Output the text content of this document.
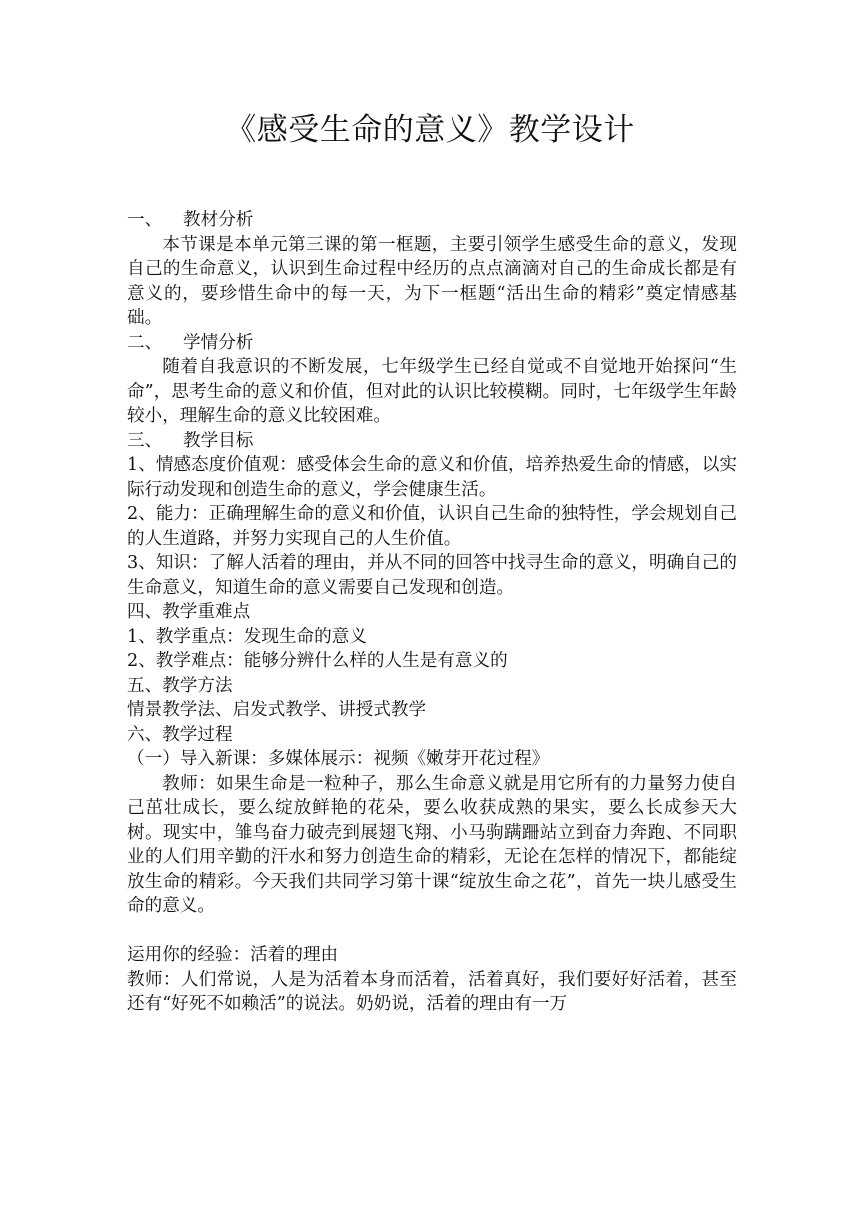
《感受生命的意义》教学设计

一、 教材分析

本节课是本单元第三课的第一框题，主要引领学生感受生命的意义，发现自己的生命意义，认识到生命过程中经历的点点滴滴对自己的生命成长都是有意义的，要珍惜生命中的每一天，为下一框题“活出生命的精彩”奠定情感基础。

二、 学情分析

随着自我意识的不断发展，七年级学生已经自觉或不自觉地开始探问“生命”，思考生命的意义和价值，但对此的认识比较模糊。同时，七年级学生年龄较小，理解生命的意义比较困难。

三、 教学目标

1、情感态度价值观：感受体会生命的意义和价值，培养热爱生命的情感，以实际行动发现和创造生命的意义，学会健康生活。

2、能力：正确理解生命的意义和价值，认识自己生命的独特性，学会规划自己的人生道路，并努力实现自己的人生价值。

3、知识：了解人活着的理由，并从不同的回答中找寻生命的意义，明确自己的生命意义，知道生命的意义需要自己发现和创造。

四、教学重难点

1、教学重点：发现生命的意义

2、教学难点：能够分辨什么样的人生是有意义的

五、教学方法

情景教学法、启发式教学、讲授式教学

六、教学过程

（一）导入新课：多媒体展示：视频《嫩芽开花过程》

教师：如果生命是一粒种子，那么生命意义就是用它所有的力量努力使自己茁壮成长，要么绽放鲜艳的花朵，要么收获成熟的果实，要么长成参天大树。现实中，雏鸟奋力破壳到展翅飞翔、小马驹蹒跚站立到奋力奔跑、不同职业的人们用辛勤的汗水和努力创造生命的精彩，无论在怎样的情况下，都能绽放生命的精彩。今天我们共同学习第十课“绽放生命之花”，首先一块儿感受生命的意义。

运用你的经验：活着的理由

教师：人们常说，人是为活着本身而活着，活着真好，我们要好好活着，甚至还有“好死不如赖活”的说法。奶奶说，活着的理由有一万
